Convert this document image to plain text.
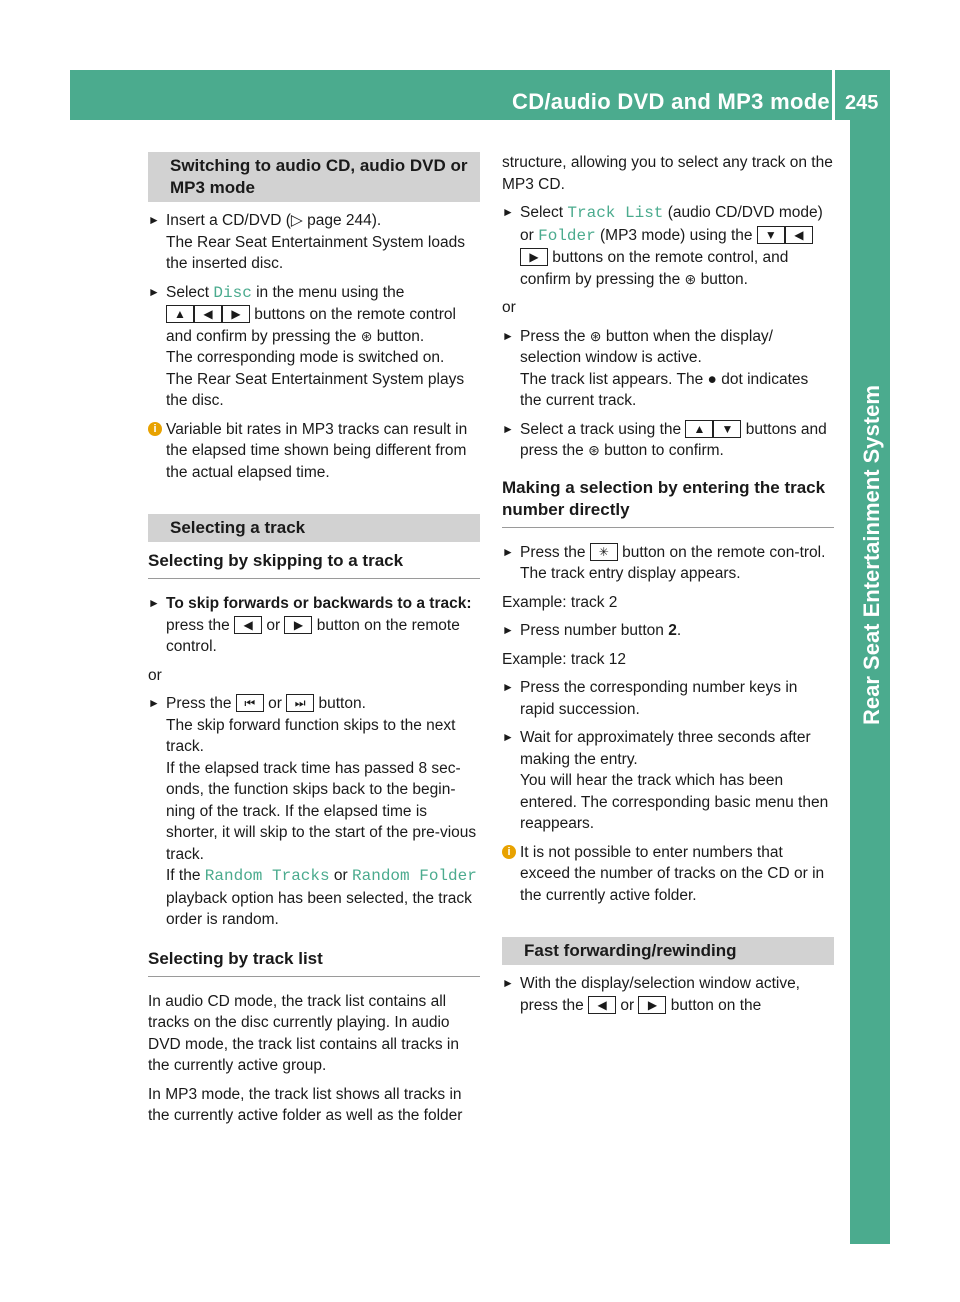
CD/audio DVD and MP3 mode 245
Rear Seat Entertainment System
Switching to audio CD, audio DVD or MP3 mode
► Insert a CD/DVD (▷ page 244).
The Rear Seat Entertainment System loads the inserted disc.
► Select Disc in the menu using the
▲ ◀ ▶ buttons on the remote control and confirm by pressing the ⊛ button.
The corresponding mode is switched on.
The Rear Seat Entertainment System plays the disc.
i Variable bit rates in MP3 tracks can result in the elapsed time shown being different from the actual elapsed time.
Selecting a track
Selecting by skipping to a track
► To skip forwards or backwards to a track: press the ◀ or ▶ button on the remote control.

or

► Press the ⏮ or ⏭ button.
The skip forward function skips to the next track.
If the elapsed track time has passed 8 sec-onds, the function skips back to the begin-ning of the track. If the elapsed time is shorter, it will skip to the start of the pre-vious track.
If the Random Tracks or Random Folder playback option has been selected, the track order is random.
Selecting by track list

In audio CD mode, the track list contains all tracks on the disc currently playing. In audio DVD mode, the track list contains all tracks in the currently active group.

In MP3 mode, the track list shows all tracks in the currently active folder as well as the folder

structure, allowing you to select any track on the MP3 CD.

► Select Track List (audio CD/DVD mode) or Folder (MP3 mode) using the ▼ ◀▶ buttons on the remote control, and confirm by pressing the ⊛ button.

or

► Press the ⊛ button when the display/ selection window is active.
The track list appears. The ● dot indicates the current track.
► Select a track using the ▲ ▼ buttons and press the ⊛ button to confirm.
Making a selection by entering the track number directly
► Press the ✳ button on the remote con-trol.
The track entry display appears.

Example: track 2

► Press number button 2.

Example: track 12

► Press the corresponding number keys in rapid succession.
► Wait for approximately three seconds after making the entry.
You will hear the track which has been entered. The corresponding basic menu then reappears.
i It is not possible to enter numbers that exceed the number of tracks on the CD or in the currently active folder.
Fast forwarding/rewinding
► With the display/selection window active, press the ◀ or ▶ button on the
